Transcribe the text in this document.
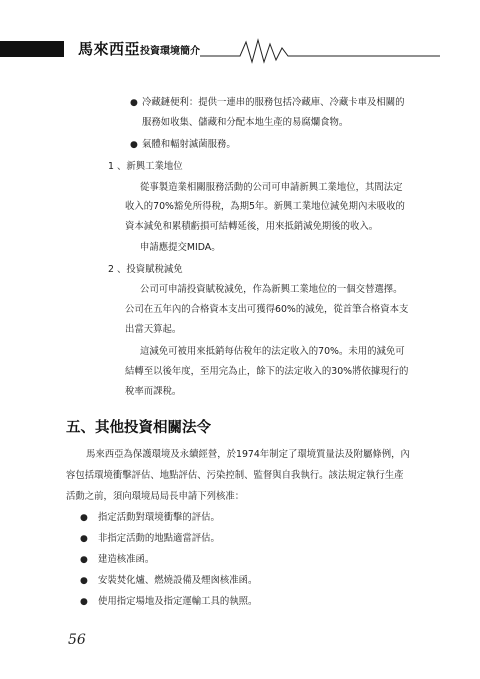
馬來西亞投資環境簡介
● 冷藏鏈便利：提供一連串的服務包括冷藏庫、冷藏卡車及相關的
服務如收集、儲藏和分配本地生產的易腐爛食物。
● 氣體和輻射滅菌服務。
1 、新興工業地位
從事製造業相關服務活動的公司可申請新興工業地位，其間法定
收入的70%豁免所得稅，為期5年。新興工業地位減免期內未吸收的
資本減免和累積虧損可結轉延後，用來抵銷減免期後的收入。
申請應提交MIDA。
2 、投資賦稅減免
公司可申請投資賦稅減免，作為新興工業地位的一個交替選擇。
公司在五年內的合格資本支出可獲得60%的減免，從首筆合格資本支
出當天算起。
這減免可被用來抵銷每估稅年的法定收入的70%。未用的減免可
結轉至以後年度，至用完為止，餘下的法定收入的30%將依據現行的
稅率而課稅。
五、其他投資相關法令
馬來西亞為保護環境及永續經營，於1974年制定了環境質量法及附屬條例，內
容包括環境衝擊評估、地點評估、污染控制、監督與自我執行。該法規定執行生產
活動之前，須向環境局局長申請下列核准：
● 指定活動對環境衝擊的評估。
● 非指定活動的地點適當評估。
● 建造核准函。
● 安裝焚化爐、燃燒設備及煙囪核准函。
● 使用指定場地及指定運輸工具的執照。
56
